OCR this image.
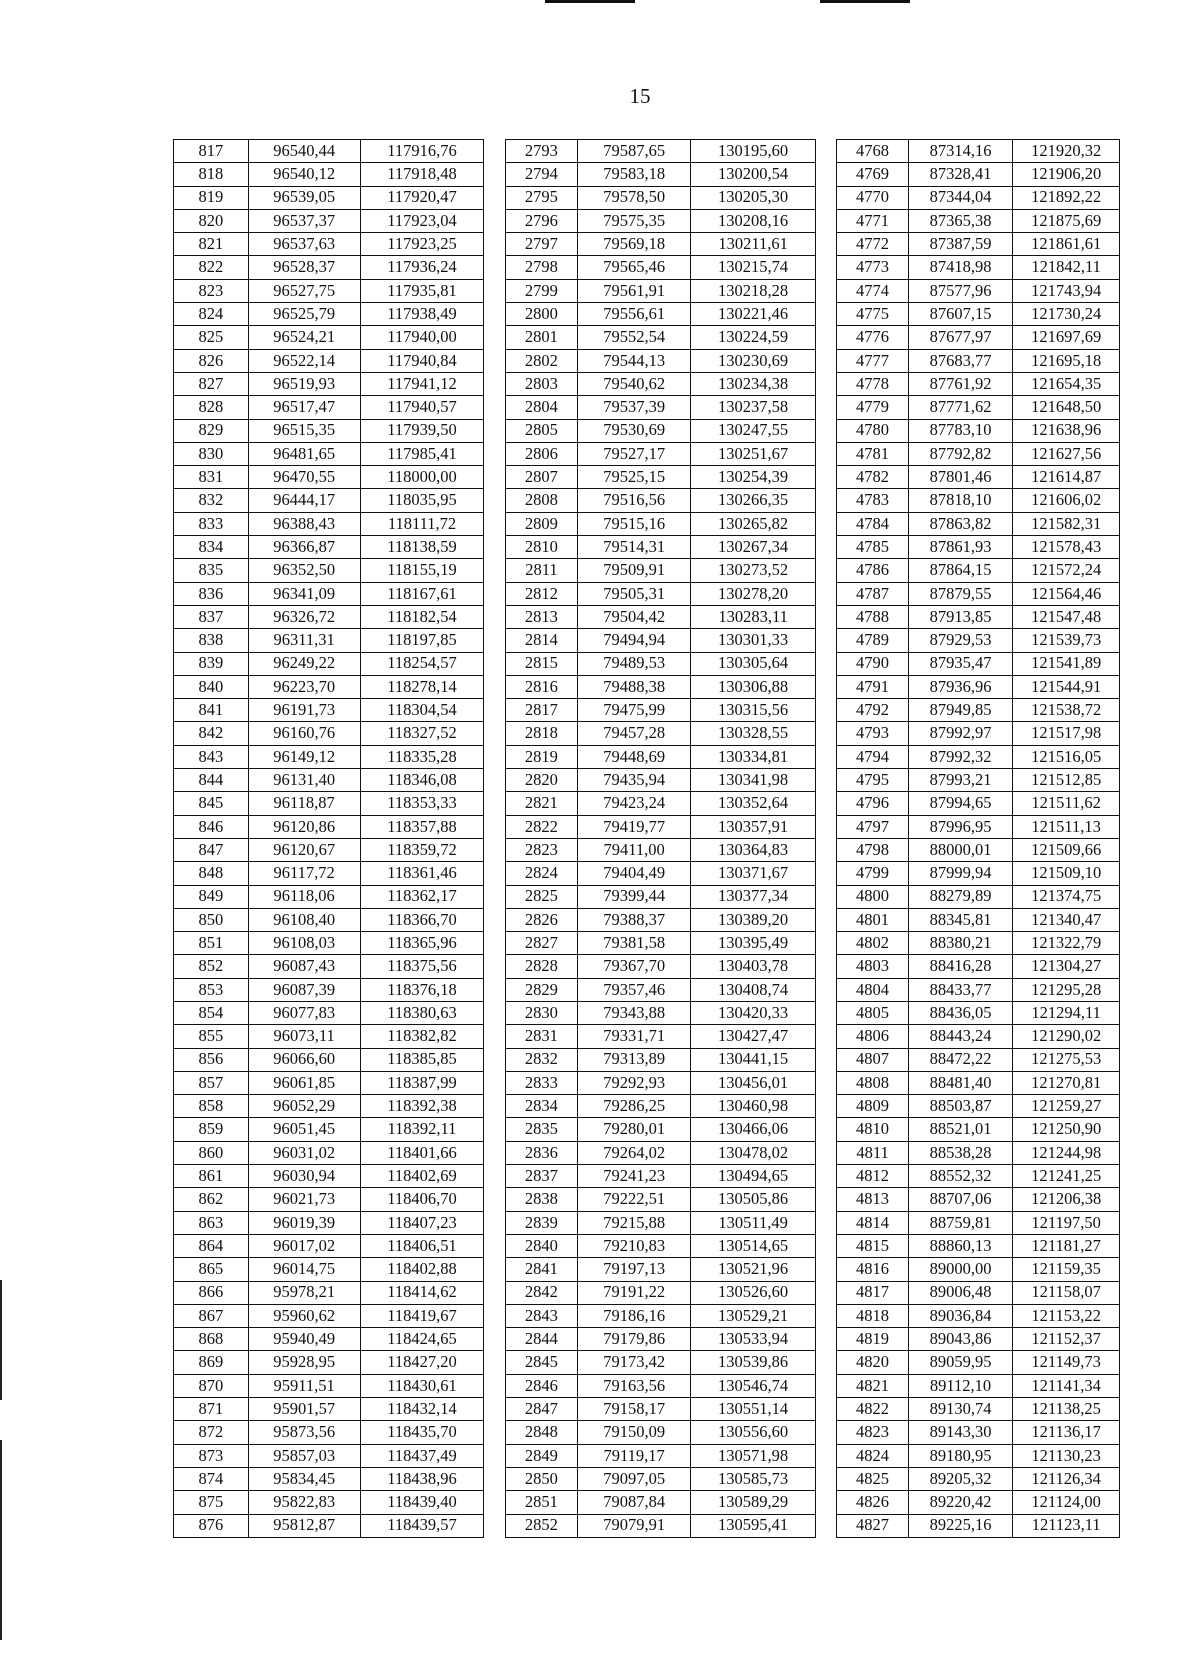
15
817	96540,44	117916,76		2793	79587,65	130195,60		4768	87314,16	121920,32
818	96540,12	117918,48		2794	79583,18	130200,54		4769	87328,41	121906,20
819	96539,05	117920,47		2795	79578,50	130205,30		4770	87344,04	121892,22
820	96537,37	117923,04		2796	79575,35	130208,16		4771	87365,38	121875,69
821	96537,63	117923,25		2797	79569,18	130211,61		4772	87387,59	121861,61
822	96528,37	117936,24		2798	79565,46	130215,74		4773	87418,98	121842,11
823	96527,75	117935,81		2799	79561,91	130218,28		4774	87577,96	121743,94
824	96525,79	117938,49		2800	79556,61	130221,46		4775	87607,15	121730,24
825	96524,21	117940,00		2801	79552,54	130224,59		4776	87677,97	121697,69
826	96522,14	117940,84		2802	79544,13	130230,69		4777	87683,77	121695,18
827	96519,93	117941,12		2803	79540,62	130234,38		4778	87761,92	121654,35
828	96517,47	117940,57		2804	79537,39	130237,58		4779	87771,62	121648,50
829	96515,35	117939,50		2805	79530,69	130247,55		4780	87783,10	121638,96
830	96481,65	117985,41		2806	79527,17	130251,67		4781	87792,82	121627,56
831	96470,55	118000,00		2807	79525,15	130254,39		4782	87801,46	121614,87
832	96444,17	118035,95		2808	79516,56	130266,35		4783	87818,10	121606,02
833	96388,43	118111,72		2809	79515,16	130265,82		4784	87863,82	121582,31
834	96366,87	118138,59		2810	79514,31	130267,34		4785	87861,93	121578,43
835	96352,50	118155,19		2811	79509,91	130273,52		4786	87864,15	121572,24
836	96341,09	118167,61		2812	79505,31	130278,20		4787	87879,55	121564,46
837	96326,72	118182,54		2813	79504,42	130283,11		4788	87913,85	121547,48
838	96311,31	118197,85		2814	79494,94	130301,33		4789	87929,53	121539,73
839	96249,22	118254,57		2815	79489,53	130305,64		4790	87935,47	121541,89
840	96223,70	118278,14		2816	79488,38	130306,88		4791	87936,96	121544,91
841	96191,73	118304,54		2817	79475,99	130315,56		4792	87949,85	121538,72
842	96160,76	118327,52		2818	79457,28	130328,55		4793	87992,97	121517,98
843	96149,12	118335,28		2819	79448,69	130334,81		4794	87992,32	121516,05
844	96131,40	118346,08		2820	79435,94	130341,98		4795	87993,21	121512,85
845	96118,87	118353,33		2821	79423,24	130352,64		4796	87994,65	121511,62
846	96120,86	118357,88		2822	79419,77	130357,91		4797	87996,95	121511,13
847	96120,67	118359,72		2823	79411,00	130364,83		4798	88000,01	121509,66
848	96117,72	118361,46		2824	79404,49	130371,67		4799	87999,94	121509,10
849	96118,06	118362,17		2825	79399,44	130377,34		4800	88279,89	121374,75
850	96108,40	118366,70		2826	79388,37	130389,20		4801	88345,81	121340,47
851	96108,03	118365,96		2827	79381,58	130395,49		4802	88380,21	121322,79
852	96087,43	118375,56		2828	79367,70	130403,78		4803	88416,28	121304,27
853	96087,39	118376,18		2829	79357,46	130408,74		4804	88433,77	121295,28
854	96077,83	118380,63		2830	79343,88	130420,33		4805	88436,05	121294,11
855	96073,11	118382,82		2831	79331,71	130427,47		4806	88443,24	121290,02
856	96066,60	118385,85		2832	79313,89	130441,15		4807	88472,22	121275,53
857	96061,85	118387,99		2833	79292,93	130456,01		4808	88481,40	121270,81
858	96052,29	118392,38		2834	79286,25	130460,98		4809	88503,87	121259,27
859	96051,45	118392,11		2835	79280,01	130466,06		4810	88521,01	121250,90
860	96031,02	118401,66		2836	79264,02	130478,02		4811	88538,28	121244,98
861	96030,94	118402,69		2837	79241,23	130494,65		4812	88552,32	121241,25
862	96021,73	118406,70		2838	79222,51	130505,86		4813	88707,06	121206,38
863	96019,39	118407,23		2839	79215,88	130511,49		4814	88759,81	121197,50
864	96017,02	118406,51		2840	79210,83	130514,65		4815	88860,13	121181,27
865	96014,75	118402,88		2841	79197,13	130521,96		4816	89000,00	121159,35
866	95978,21	118414,62		2842	79191,22	130526,60		4817	89006,48	121158,07
867	95960,62	118419,67		2843	79186,16	130529,21		4818	89036,84	121153,22
868	95940,49	118424,65		2844	79179,86	130533,94		4819	89043,86	121152,37
869	95928,95	118427,20		2845	79173,42	130539,86		4820	89059,95	121149,73
870	95911,51	118430,61		2846	79163,56	130546,74		4821	89112,10	121141,34
871	95901,57	118432,14		2847	79158,17	130551,14		4822	89130,74	121138,25
872	95873,56	118435,70		2848	79150,09	130556,60		4823	89143,30	121136,17
873	95857,03	118437,49		2849	79119,17	130571,98		4824	89180,95	121130,23
874	95834,45	118438,96		2850	79097,05	130585,73		4825	89205,32	121126,34
875	95822,83	118439,40		2851	79087,84	130589,29		4826	89220,42	121124,00
876	95812,87	118439,57		2852	79079,91	130595,41		4827	89225,16	121123,11
